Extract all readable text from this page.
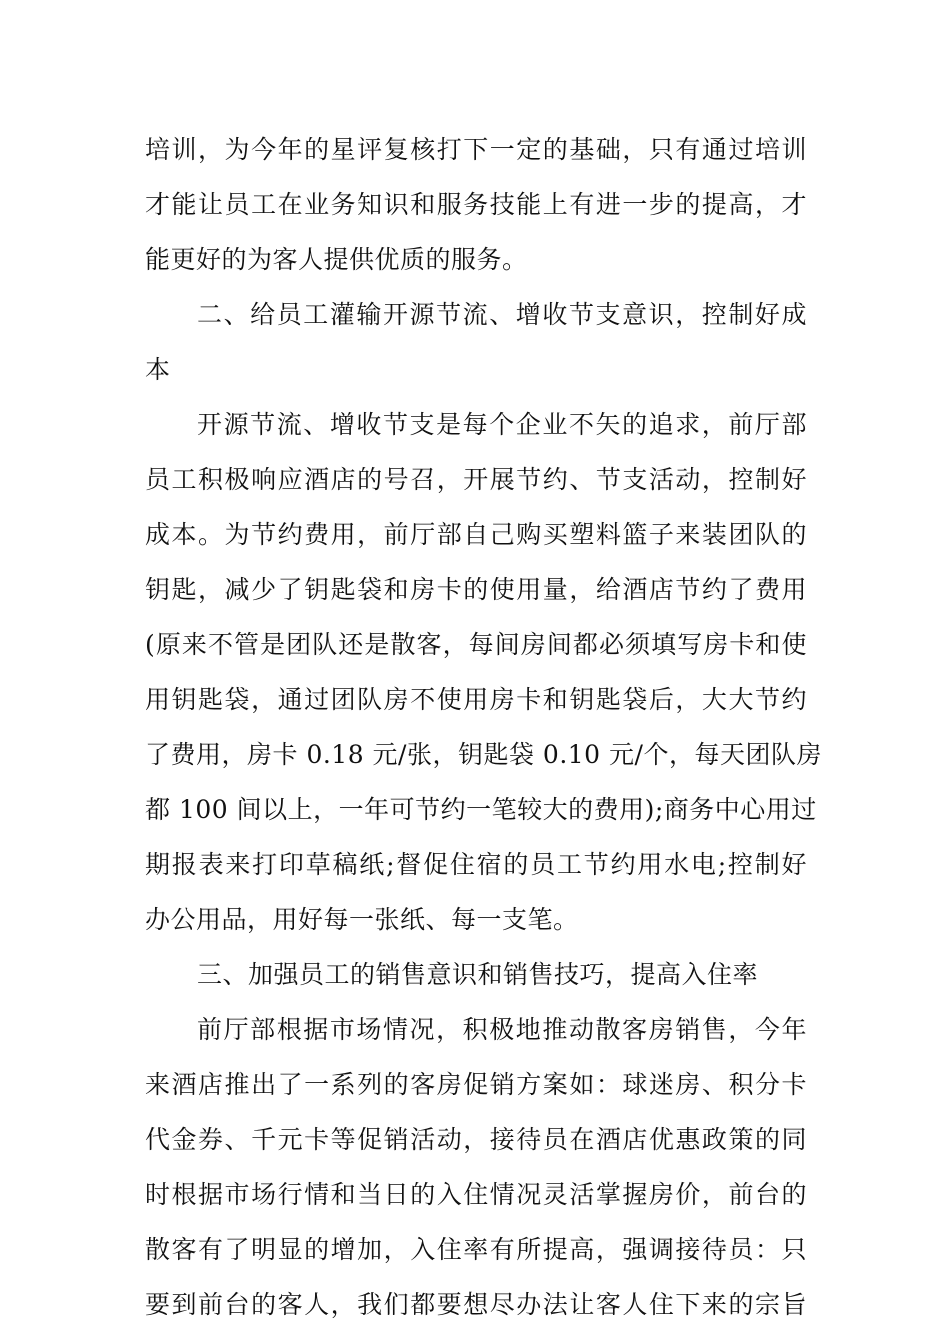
培训，为今年的星评复核打下一定的基础，只有通过培训
才能让员工在业务知识和服务技能上有进一步的提高，才
能更好的为客人提供优质的服务。
二、给员工灌输开源节流、增收节支意识，控制好成
本
开源节流、增收节支是每个企业不矢的追求，前厅部
员工积极响应酒店的号召，开展节约、节支活动，控制好
成本。为节约费用，前厅部自己购买塑料篮子来装团队的
钥匙，减少了钥匙袋和房卡的使用量，给酒店节约了费用
(原来不管是团队还是散客，每间房间都必须填写房卡和使
用钥匙袋，通过团队房不使用房卡和钥匙袋后，大大节约
了费用，房卡 0.18 元/张，钥匙袋 0.10 元/个，每天团队房
都 100 间以上，一年可节约一笔较大的费用);商务中心用过
期报表来打印草稿纸;督促住宿的员工节约用水电;控制好
办公用品，用好每一张纸、每一支笔。
三、加强员工的销售意识和销售技巧，提高入住率
前厅部根据市场情况，积极地推动散客房销售，今年
来酒店推出了一系列的客房促销方案如：球迷房、积分卡
代金券、千元卡等促销活动，接待员在酒店优惠政策的同
时根据市场行情和当日的入住情况灵活掌握房价，前台的
散客有了明显的增加，入住率有所提高，强调接待员：只
要到前台的客人，我们都要想尽办法让客人住下来的宗旨
